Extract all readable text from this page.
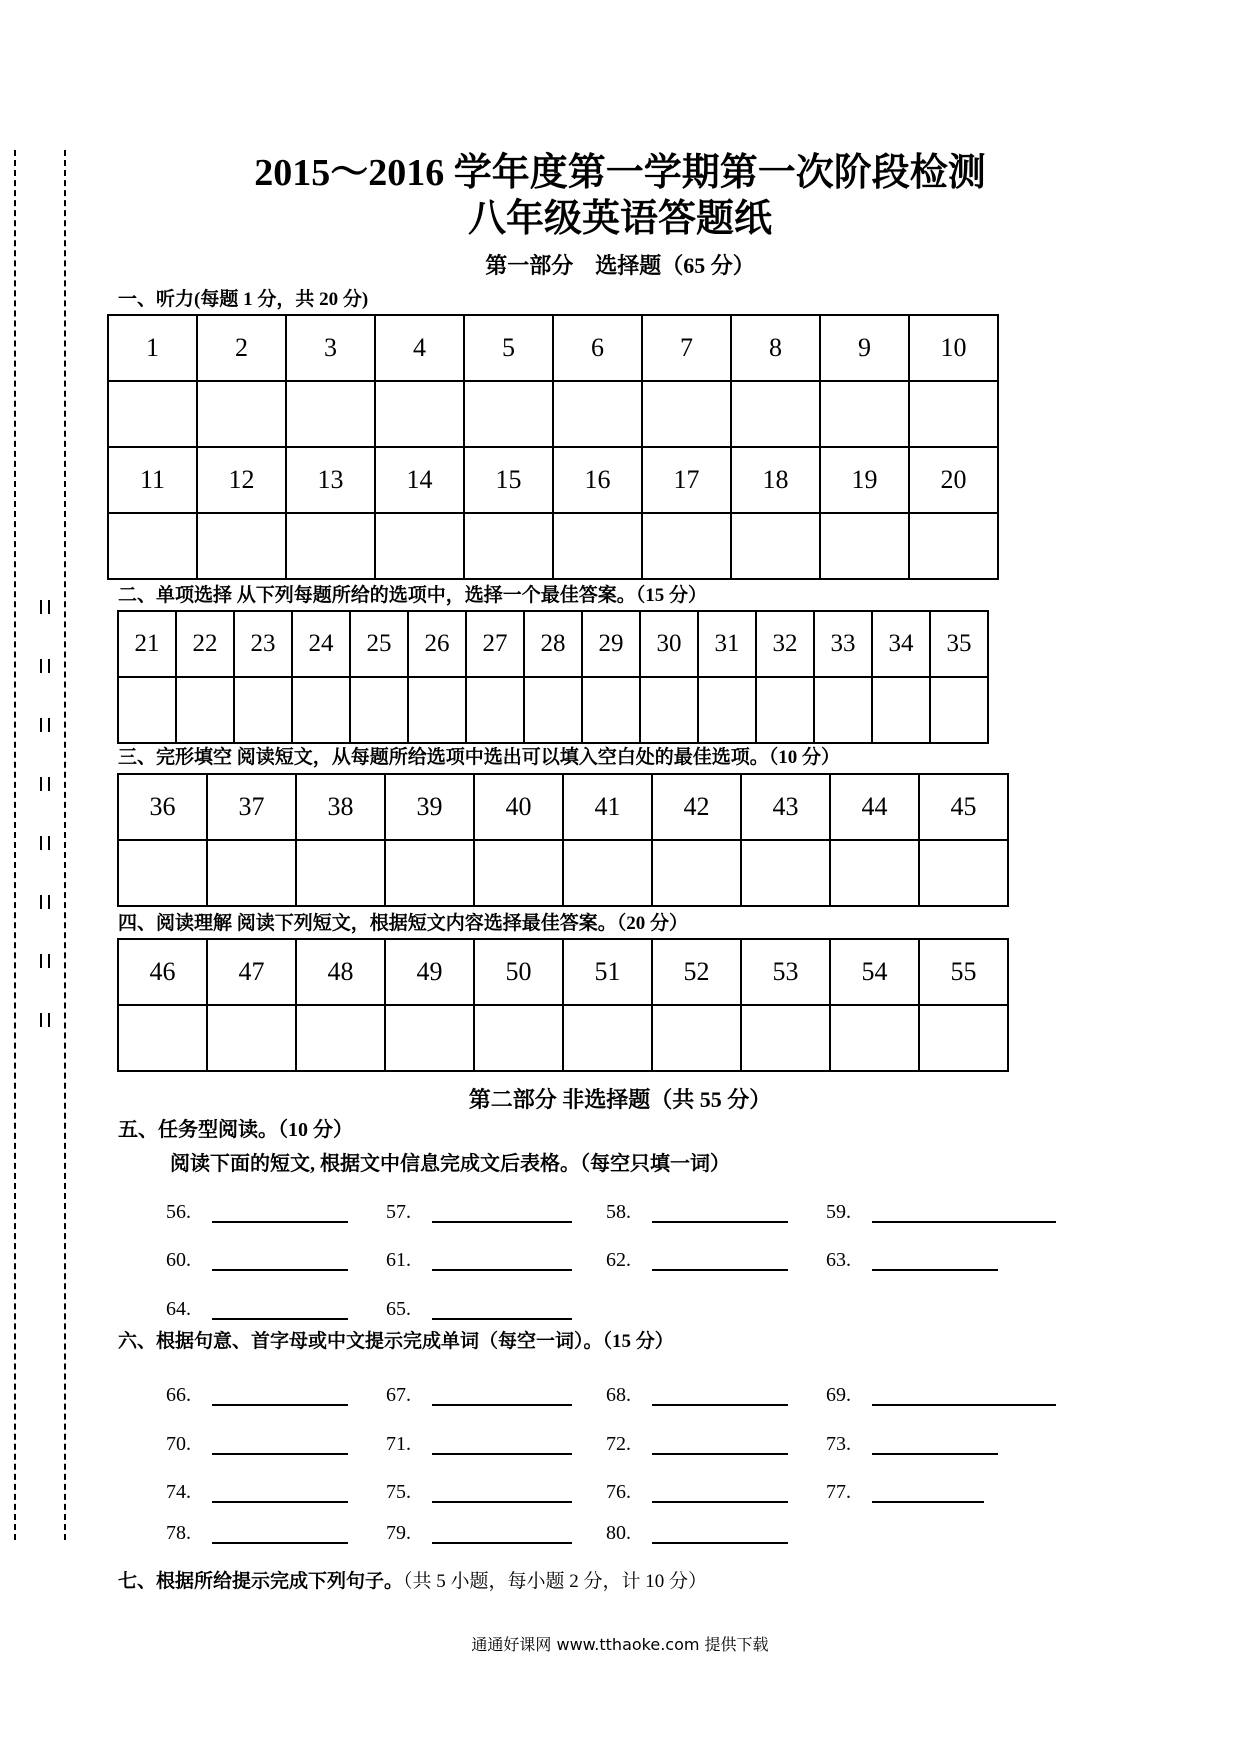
2015～2016 学年度第一学期第一次阶段检测
八年级英语答题纸
第一部分　选择题（65 分）
一、听力(每题 1 分，共 20 分)
1	2	3	4	5	6	7	8	9	10

11	12	13	14	15	16	17	18	19	20

二、单项选择 从下列每题所给的选项中，选择一个最佳答案。（15 分）
21	22	23	24	25	26	27	28	29	30	31	32	33	34	35

三、完形填空 阅读短文，从每题所给选项中选出可以填入空白处的最佳选项。（10 分）
36	37	38	39	40	41	42	43	44	45

四、阅读理解 阅读下列短文，根据短文内容选择最佳答案。（20 分）
46	47	48	49	50	51	52	53	54	55

第二部分 非选择题（共 55 分）
五、任务型阅读。（10 分）
阅读下面的短文, 根据文中信息完成文后表格。（每空只填一词）
56.	57.	58.	59.
60.	61.	62.	63.
64.	65.
六、根据句意、首字母或中文提示完成单词（每空一词）。（15 分）
66.	67.	68.	69.
70.	71.	72.	73.
74.	75.	76.	77.
78.	79.	80.
七、根据所给提示完成下列句子。（共 5 小题，每小题 2 分，计 10 分）
通通好课网 www.tthaoke.com 提供下载
